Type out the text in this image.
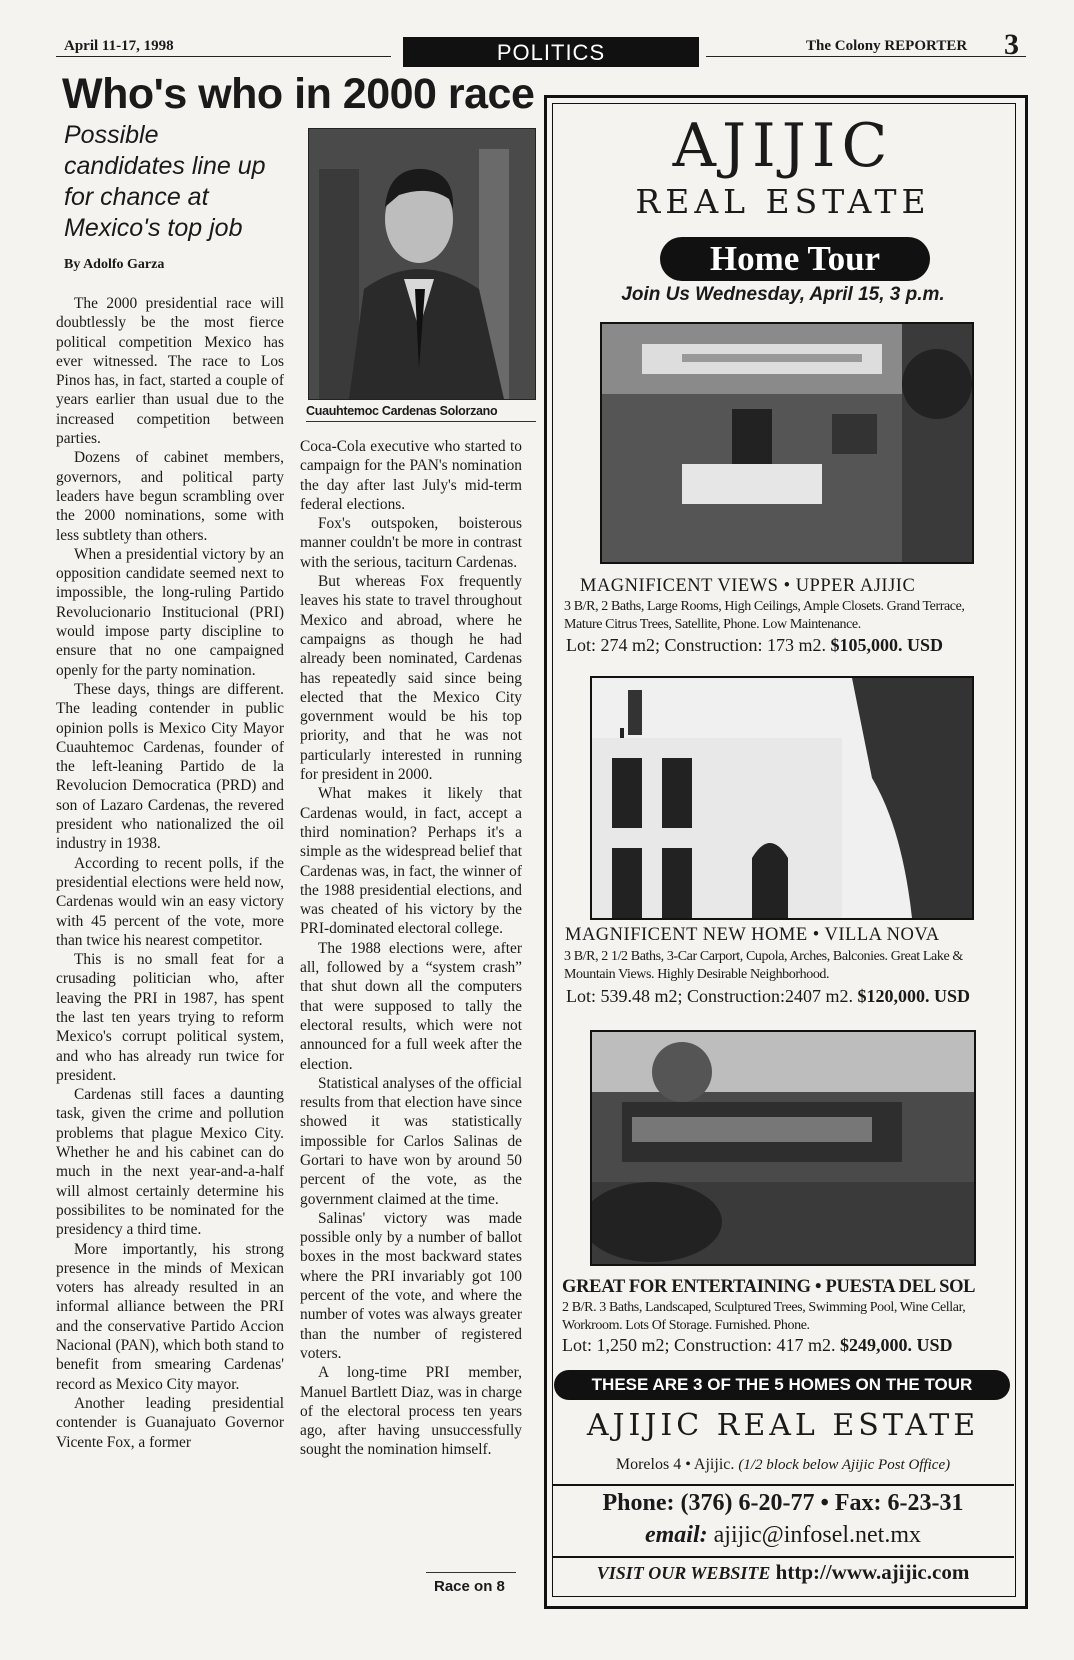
April 11-17, 1998	POLITICS	The Colony REPORTER 3
Who's who in 2000 race
Possible candidates line up for chance at Mexico's top job
By Adolfo Garza

The 2000 presidential race will doubtlessly be the most fierce political competition Mexico has ever witnessed. The race to Los Pinos has, in fact, started a couple of years earlier than usual due to the increased competition between parties.

Dozens of cabinet members, governors, and political party leaders have begun scrambling over the 2000 nominations, some with less subtlety than others.

When a presidential victory by an opposition candidate seemed next to impossible, the long-ruling Partido Revolucionario Institucional (PRI) would impose party discipline to ensure that no one campaigned openly for the party nomination.

These days, things are different. The leading contender in public opinion polls is Mexico City Mayor Cuauhtemoc Cardenas, founder of the left-leaning Partido de la Revolucion Democratica (PRD) and son of Lazaro Cardenas, the revered president who nationalized the oil industry in 1938.

According to recent polls, if the presidential elections were held now, Cardenas would win an easy victory with 45 percent of the vote, more than twice his nearest competitor.

This is no small feat for a crusading politician who, after leaving the PRI in 1987, has spent the last ten years trying to reform Mexico's corrupt political system, and who has already run twice for president.

Cardenas still faces a daunting task, given the crime and pollution problems that plague Mexico City. Whether he and his cabinet can do much in the next year-and-a-half will almost certainly determine his possibilites to be nominated for the presidency a third time.

More importantly, his strong presence in the minds of Mexican voters has already resulted in an informal alliance between the PRI and the conservative Partido Accion Nacional (PAN), which both stand to benefit from smearing Cardenas' record as Mexico City mayor.

Another leading presidential contender is Guanajuato Governor Vicente Fox, a former

Cuauhtemoc Cardenas Solorzano

Coca-Cola executive who started to campaign for the PAN's nomination the day after last July's mid-term federal elections.

Fox's outspoken, boisterous manner couldn't be more in contrast with the serious, taciturn Cardenas.

But whereas Fox frequently leaves his state to travel throughout Mexico and abroad, where he campaigns as though he had already been nominated, Cardenas has repeatedly said since being elected that the Mexico City government would be his top priority, and that he was not particularly interested in running for president in 2000.

What makes it likely that Cardenas would, in fact, accept a third nomination? Perhaps it's a simple as the widespread belief that Cardenas was, in fact, the winner of the 1988 presidential elections, and was cheated of his victory by the PRI-dominated electoral college.

The 1988 elections were, after all, followed by a “system crash” that shut down all the computers that were supposed to tally the electoral results, which were not announced for a full week after the election.

Statistical analyses of the official results from that election have since showed it was statistically impossible for Carlos Salinas de Gortari to have won by around 50 percent of the vote, as the government claimed at the time.

Salinas' victory was made possible only by a number of ballot boxes in the most backward states where the PRI invariably got 100 percent of the vote, and where the number of votes was always greater than the number of registered voters.

A long-time PRI member, Manuel Bartlett Diaz, was in charge of the electoral process ten years ago, after having unsuccessfully sought the nomination himself.

Race on 8
AJIJIC
REAL ESTATE
Home Tour
Join Us Wednesday, April 15, 3 p.m.
MAGNIFICENT VIEWS • UPPER AJIJIC
3 B/R, 2 Baths, Large Rooms, High Ceilings, Ample Closets. Grand Terrace, Mature Citrus Trees, Satellite, Phone. Low Maintenance.
Lot: 274 m2; Construction: 173 m2. $105,000. USD
MAGNIFICENT NEW HOME • VILLA NOVA
3 B/R, 2 1/2 Baths, 3-Car Carport, Cupola, Arches, Balconies. Great Lake & Mountain Views. Highly Desirable Neighborhood.
Lot: 539.48 m2; Construction:2407 m2. $120,000. USD
GREAT FOR ENTERTAINING • PUESTA DEL SOL
2 B/R. 3 Baths, Landscaped, Sculptured Trees, Swimming Pool, Wine Cellar, Workroom. Lots Of Storage. Furnished. Phone.
Lot: 1,250 m2; Construction: 417 m2. $249,000. USD
THESE ARE 3 OF THE 5 HOMES ON THE TOUR
AJIJIC REAL ESTATE
Morelos 4 • Ajijic. (1/2 block below Ajijic Post Office)
Phone: (376) 6-20-77 • Fax: 6-23-31
email: ajijic@infosel.net.mx
VISIT OUR WEBSITE http://www.ajijic.com
